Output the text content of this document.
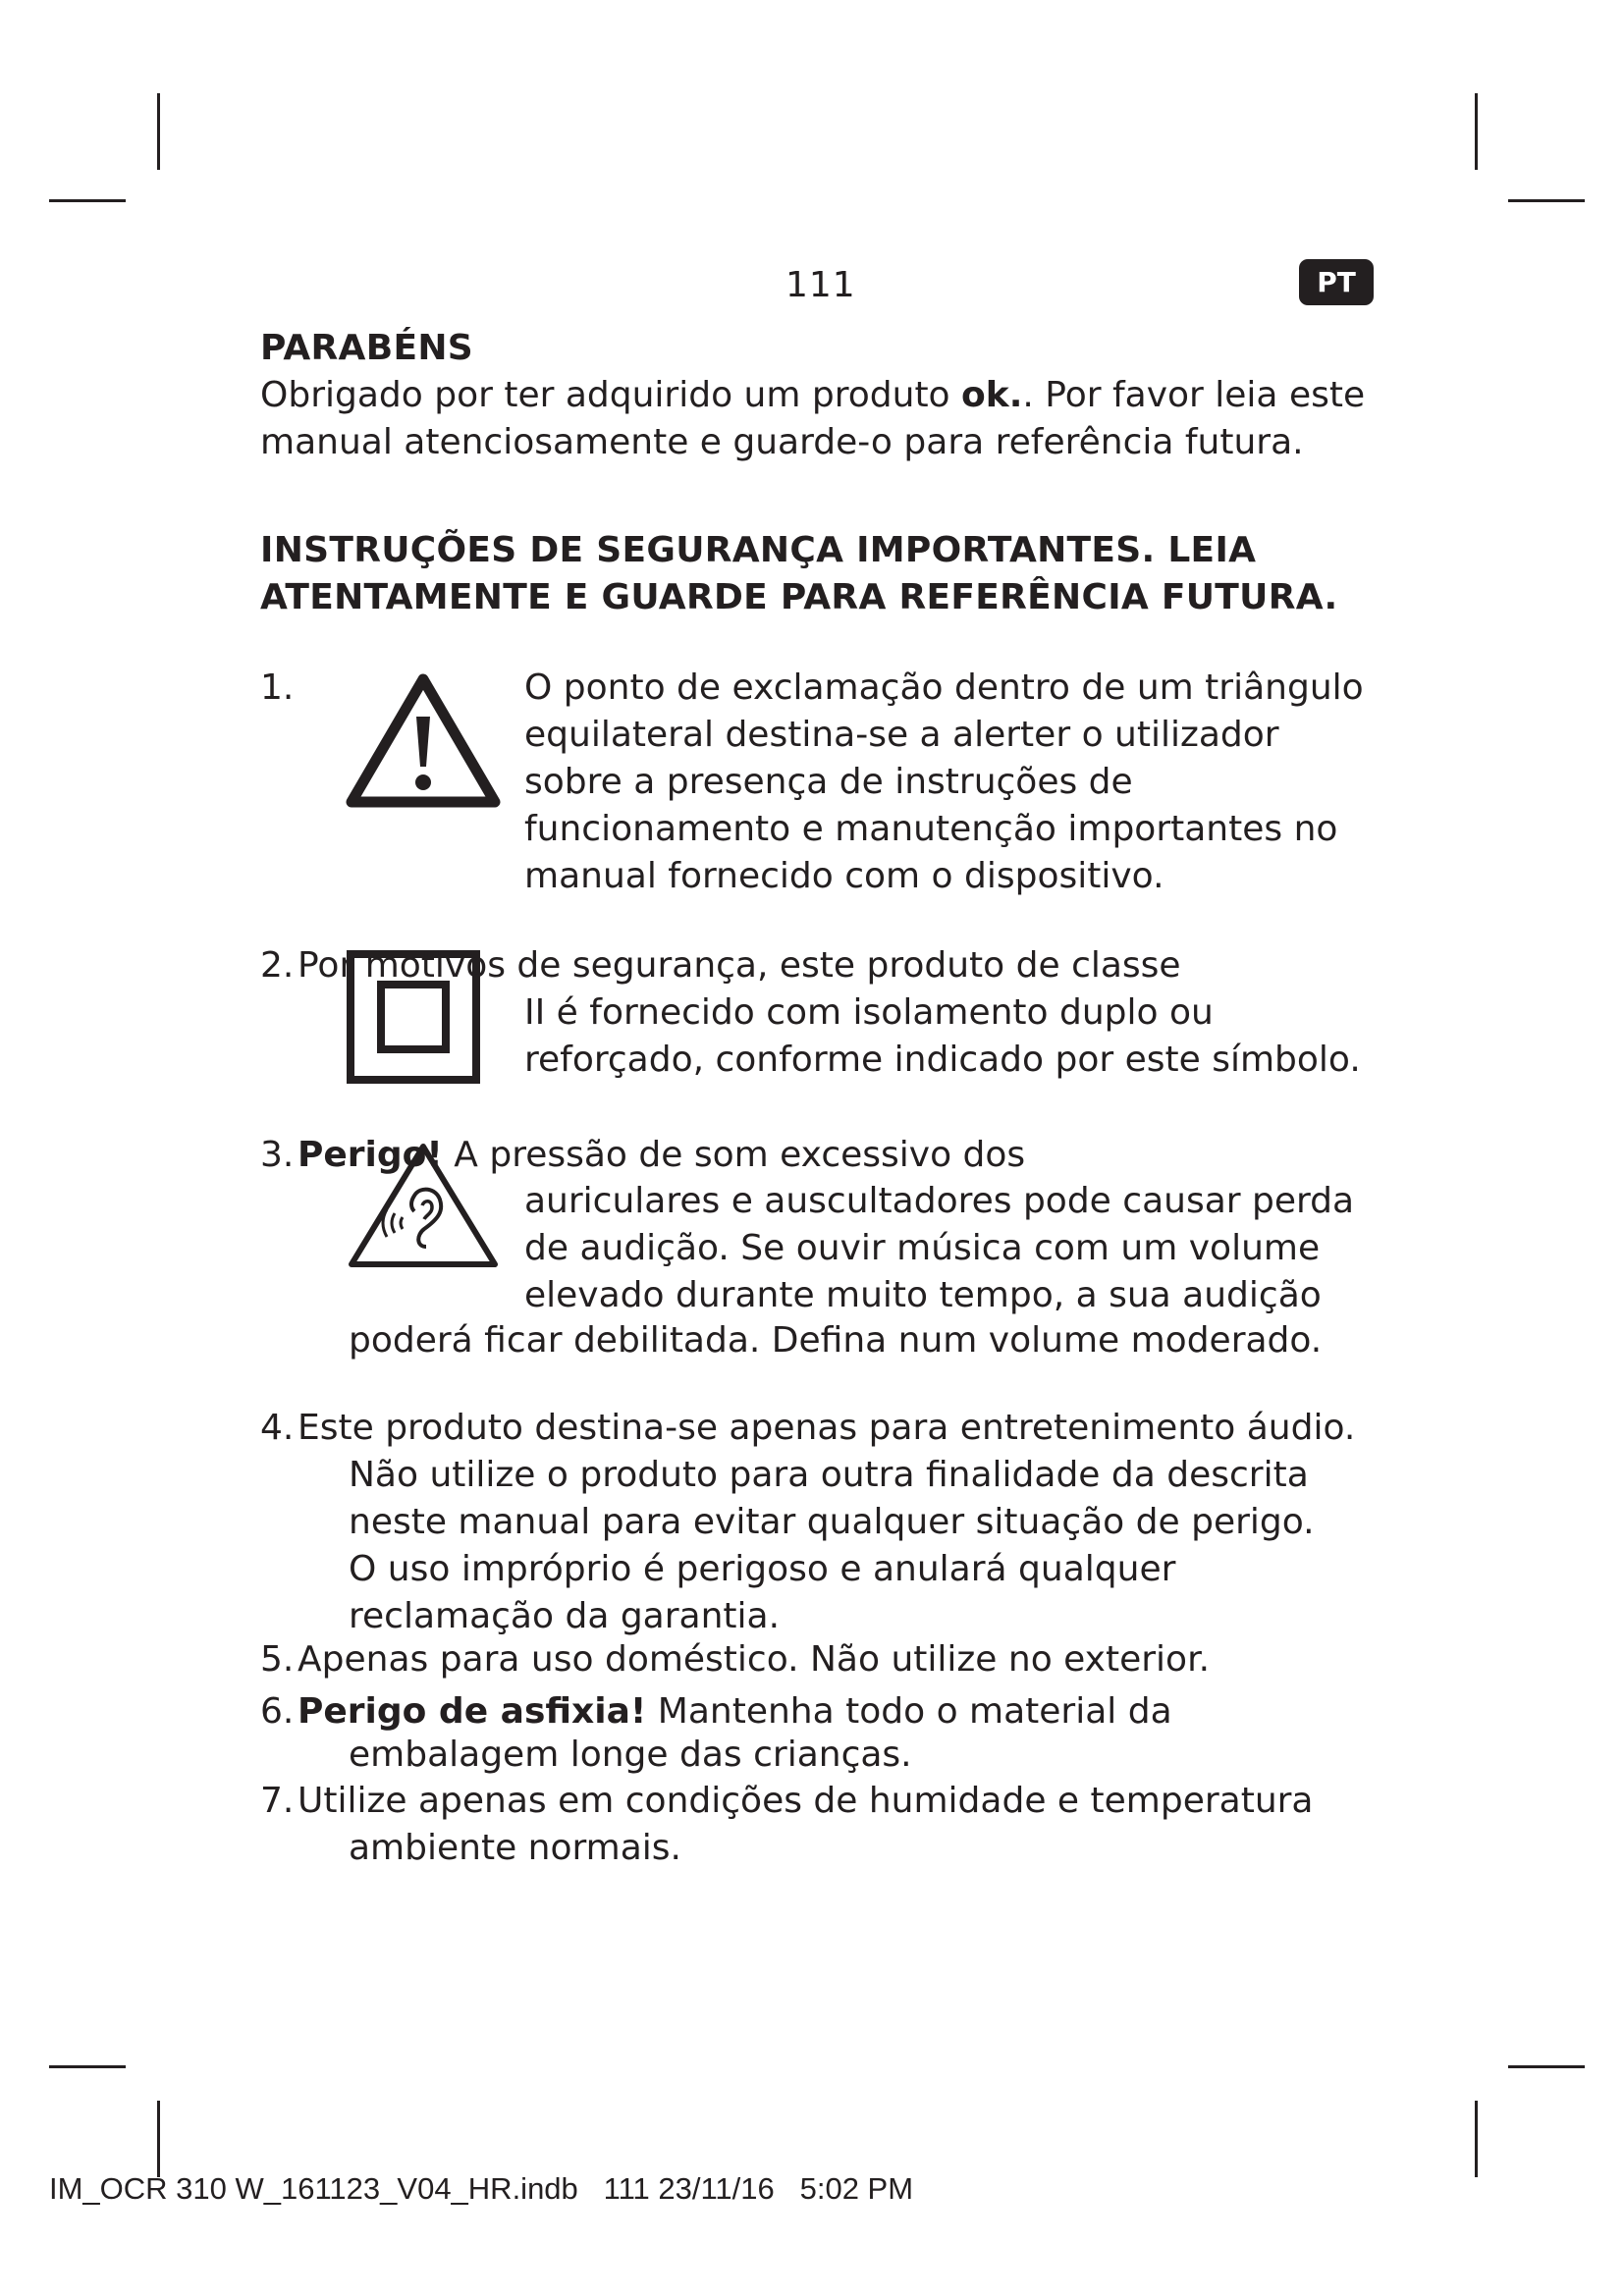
111	PT
PARABÉNS

Obrigado por ter adquirido um produto ok.. Por favor leia este manual atenciosamente e guarde-o para referência futura.

INSTRUÇÕES DE SEGURANÇA IMPORTANTES. LEIA ATENTAMENTE E GUARDE PARA REFERÊNCIA FUTURA.
1.	O ponto de exclamação dentro de um triângulo equilateral destina-se a alerter o utilizador sobre a presença de instruções de funcionamento e manutenção importantes no manual fornecido com o dispositivo.

2. Por motivos de segurança, este produto de classe

II é fornecido com isolamento duplo ou reforçado, conforme indicado por este símbolo.

3. Perigo! A pressão de som excessivo dos

auriculares e auscultadores pode causar perda de audição. Se ouvir música com um volume elevado durante muito tempo, a sua audição

poderá ficar debilitada. Defina num volume moderado.
4. Este produto destina-se apenas para entretenimento áudio.

Não utilize o produto para outra finalidade da descrita neste manual para evitar qualquer situação de perigo. O uso impróprio é perigoso e anulará qualquer reclamação da garantia.

5. Apenas para uso doméstico. Não utilize no exterior.
6. Perigo de asfixia! Mantenha todo o material da
embalagem longe das crianças.
7. Utilize apenas em condições de humidade e temperatura
ambiente normais.
IM_OCR 310 W_161123_V04_HR.indb 111 23/11/16 5:02 PM
